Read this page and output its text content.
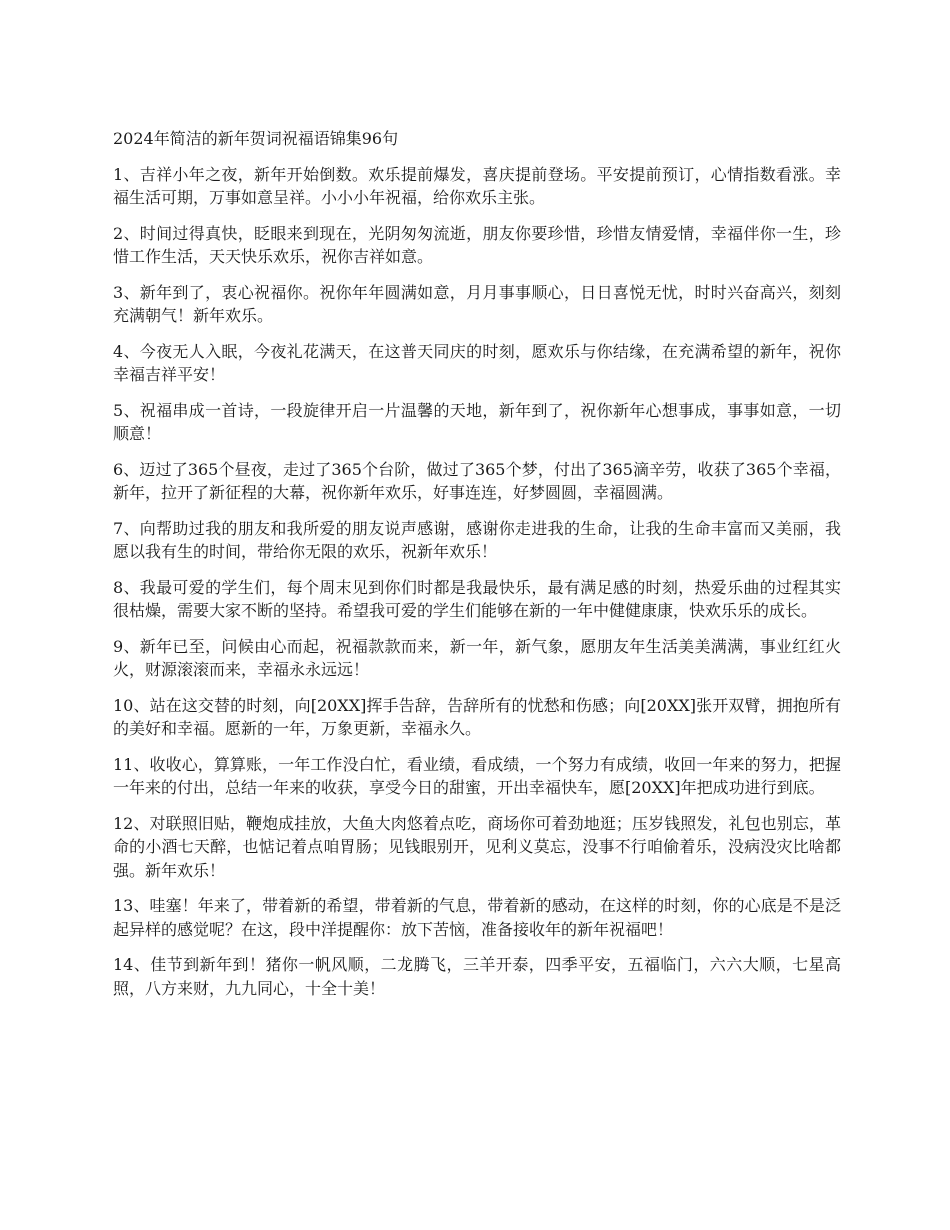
2024年简洁的新年贺词祝福语锦集96句

1、吉祥小年之夜，新年开始倒数。欢乐提前爆发，喜庆提前登场。平安提前预订，心情指数看涨。幸福生活可期，万事如意呈祥。小小小年祝福，给你欢乐主张。

2、时间过得真快，眨眼来到现在，光阴匆匆流逝，朋友你要珍惜，珍惜友情爱情，幸福伴你一生，珍惜工作生活，天天快乐欢乐，祝你吉祥如意。

3、新年到了，衷心祝福你。祝你年年圆满如意，月月事事顺心，日日喜悦无忧，时时兴奋高兴，刻刻充满朝气！新年欢乐。

4、今夜无人入眠，今夜礼花满天，在这普天同庆的时刻，愿欢乐与你结缘，在充满希望的新年，祝你幸福吉祥平安！

5、祝福串成一首诗，一段旋律开启一片温馨的天地，新年到了，祝你新年心想事成，事事如意，一切顺意！

6、迈过了365个昼夜，走过了365个台阶，做过了365个梦，付出了365滴辛劳，收获了365个幸福，新年，拉开了新征程的大幕，祝你新年欢乐，好事连连，好梦圆圆，幸福圆满。

7、向帮助过我的朋友和我所爱的朋友说声感谢，感谢你走进我的生命，让我的生命丰富而又美丽，我愿以我有生的时间，带给你无限的欢乐，祝新年欢乐！

8、我最可爱的学生们，每个周末见到你们时都是我最快乐，最有满足感的时刻，热爱乐曲的过程其实很枯燥，需要大家不断的坚持。希望我可爱的学生们能够在新的一年中健健康康，快欢乐乐的成长。

9、新年已至，问候由心而起，祝福款款而来，新一年，新气象，愿朋友年生活美美满满，事业红红火火，财源滚滚而来，幸福永永远远！

10、站在这交替的时刻，向[20XX]挥手告辞，告辞所有的忧愁和伤感；向[20XX]张开双臂，拥抱所有的美好和幸福。愿新的一年，万象更新，幸福永久。

11、收收心，算算账，一年工作没白忙，看业绩，看成绩，一个努力有成绩，收回一年来的努力，把握一年来的付出，总结一年来的收获，享受今日的甜蜜，开出幸福快车，愿[20XX]年把成功进行到底。

12、对联照旧贴，鞭炮成挂放，大鱼大肉悠着点吃，商场你可着劲地逛；压岁钱照发，礼包也别忘，革命的小酒七天醉，也惦记着点咱胃肠；见钱眼别开，见利义莫忘，没事不行咱偷着乐，没病没灾比啥都强。新年欢乐！

13、哇塞！年来了，带着新的希望，带着新的气息，带着新的感动，在这样的时刻，你的心底是不是泛起异样的感觉呢？在这，段中洋提醒你：放下苦恼，准备接收年的新年祝福吧！

14、佳节到新年到！猪你一帆风顺，二龙腾飞，三羊开泰，四季平安，五福临门，六六大顺，七星高照，八方来财，九九同心，十全十美！
